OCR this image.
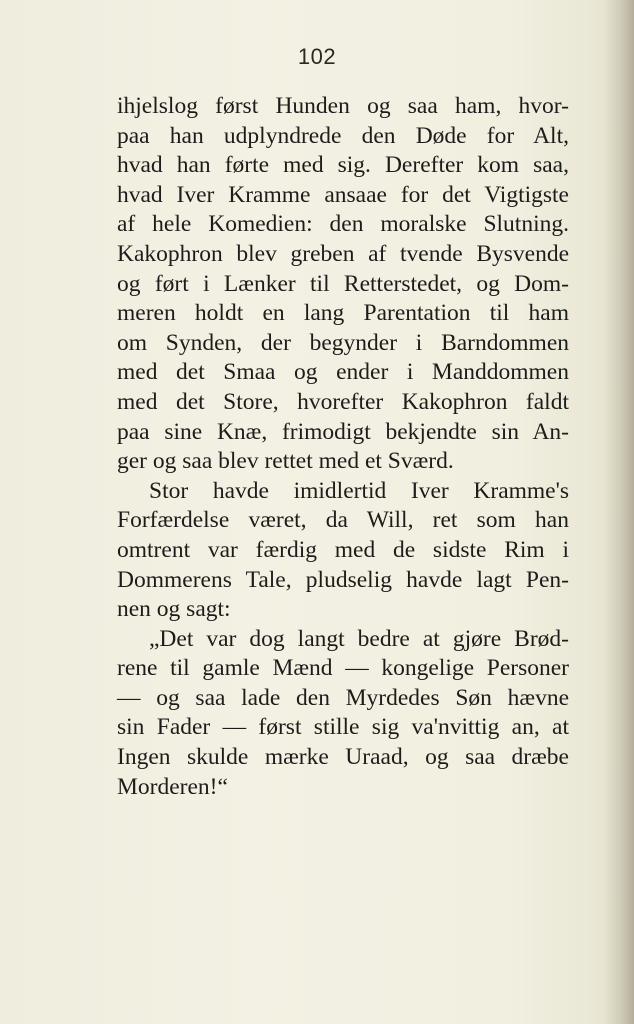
102
ihjelslog først Hunden og saa ham, hvor-
paa han udplyndrede den Døde for Alt,
hvad han førte med sig. Derefter kom saa,
hvad Iver Kramme ansaae for det Vigtigste
af hele Komedien: den moralske Slutning.
Kakophron blev greben af tvende Bysvende
og ført i Lænker til Retterstedet, og Dom-
meren holdt en lang Parentation til ham
om Synden, der begynder i Barndommen
med det Smaa og ender i Manddommen
med det Store, hvorefter Kakophron faldt
paa sine Knæ, frimodigt bekjendte sin An-
ger og saa blev rettet med et Sværd.
Stor havde imidlertid Iver Kramme's
Forfærdelse været, da Will, ret som han
omtrent var færdig med de sidste Rim i
Dommerens Tale, pludselig havde lagt Pen-
nen og sagt:
„Det var dog langt bedre at gjøre Brød-
rene til gamle Mænd — kongelige Personer
— og saa lade den Myrdedes Søn hævne
sin Fader — først stille sig va'nvittig an, at
Ingen skulde mærke Uraad, og saa dræbe
Morderen!“
